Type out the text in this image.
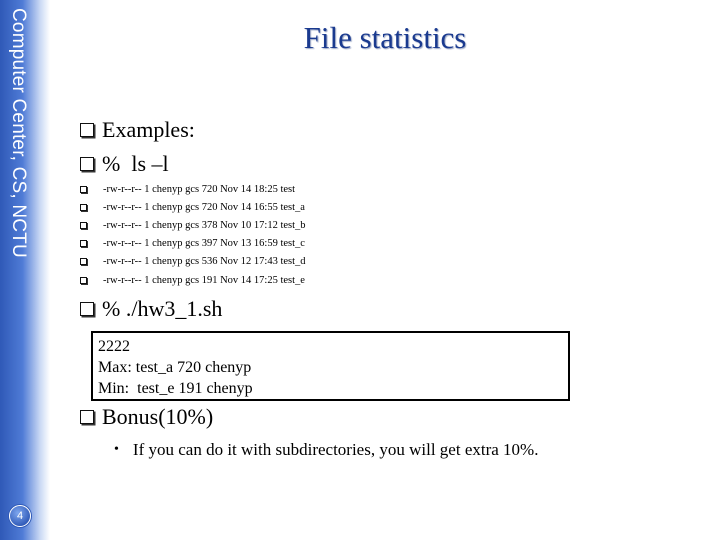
Computer Center, CS, NCTU
4
File statistics
Examples:
%  ls –l
-rw-r--r-- 1 chenyp gcs 720 Nov 14 18:25 test
-rw-r--r-- 1 chenyp gcs 720 Nov 14 16:55 test_a
-rw-r--r-- 1 chenyp gcs 378 Nov 10 17:12 test_b
-rw-r--r-- 1 chenyp gcs 397 Nov 13 16:59 test_c
-rw-r--r-- 1 chenyp gcs 536 Nov 12 17:43 test_d
-rw-r--r-- 1 chenyp gcs 191 Nov 14 17:25 test_e
% ./hw3_1.sh
2222
Max: test_a 720 chenyp
Min:  test_e 191 chenyp
Bonus(10%)
• If you can do it with subdirectories, you will get extra 10%.
